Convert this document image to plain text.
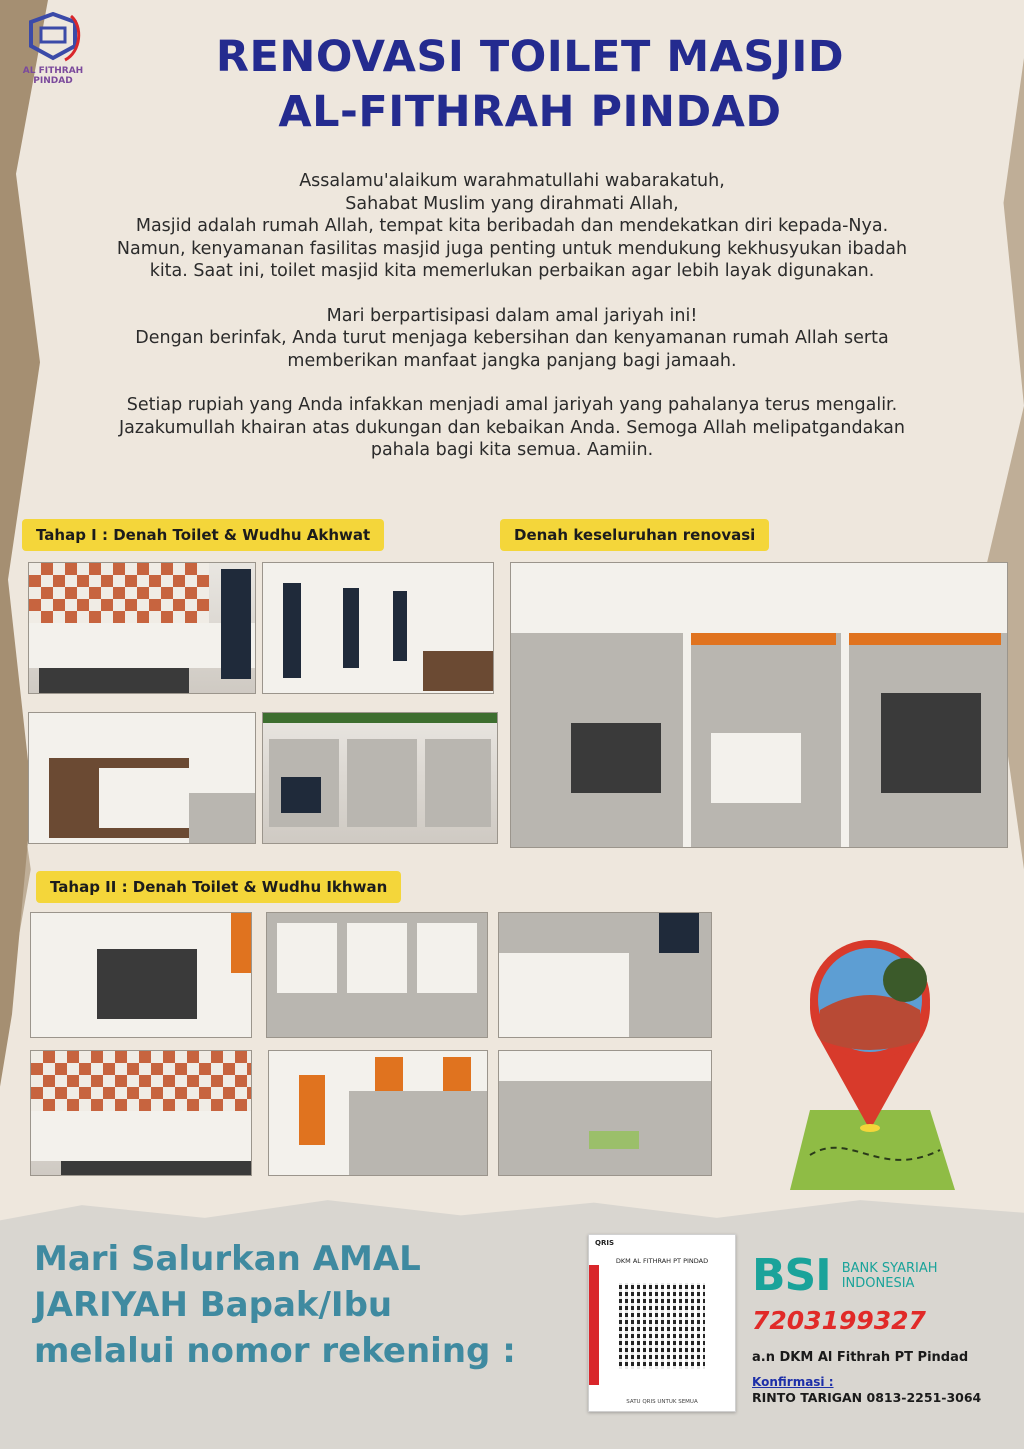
AL FITHRAH
PINDAD	RENOVASI TOILET MASJID
AL-FITHRAH PINDAD

Assalamu'alaikum warahmatullahi wabarakatuh,
Sahabat Muslim yang dirahmati Allah,
Masjid adalah rumah Allah, tempat kita beribadah dan mendekatkan diri kepada-Nya.
Namun, kenyamanan fasilitas masjid juga penting untuk mendukung kekhusyukan ibadah
kita. Saat ini, toilet masjid kita memerlukan perbaikan agar lebih layak digunakan.

Mari berpartisipasi dalam amal jariyah ini!
Dengan berinfak, Anda turut menjaga kebersihan dan kenyamanan rumah Allah serta
memberikan manfaat jangka panjang bagi jamaah.

Setiap rupiah yang Anda infakkan menjadi amal jariyah yang pahalanya terus mengalir.
Jazakumullah khairan atas dukungan dan kebaikan Anda. Semoga Allah melipatgandakan
pahala bagi kita semua. Aamiin.

Tahap I : Denah Toilet & Wudhu Akhwat	Denah keseluruhan renovasi
Tahap II : Denah Toilet & Wudhu Ikhwan
Mari Salurkan AMAL
JARIYAH Bapak/Ibu
melalui nomor rekening :
QRIS
DKM AL FITHRAH PT PINDAD
SATU QRIS UNTUK SEMUA
BSI BANK SYARIAH
INDONESIA
7203199327
a.n DKM Al Fithrah PT Pindad
Konfirmasi :
RINTO TARIGAN 0813-2251-3064
